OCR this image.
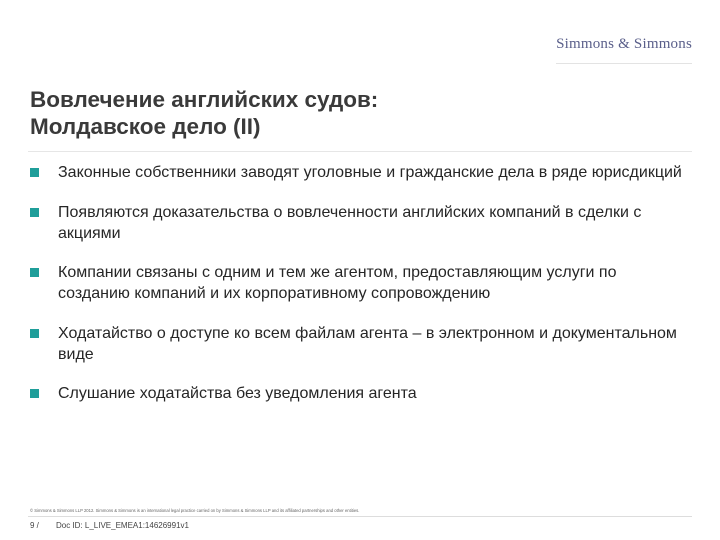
Simmons & Simmons
Вовлечение английских судов:
Молдавское дело (II)
Законные собственники заводят уголовные и гражданские дела в ряде юрисдикций
Появляются доказательства о вовлеченности английских компаний в сделки с акциями
Компании связаны с одним и тем же агентом, предоставляющим услуги по созданию компаний и их корпоративному сопровождению
Ходатайство о доступе ко всем файлам агента – в электронном и документальном виде
Слушание ходатайства без уведомления агента
© Simmons & Simmons LLP 2012. Simmons & Simmons is an international legal practice carried on by Simmons & Simmons LLP and its affiliated partnerships and other entities.
9 / Doc ID: L_LIVE_EMEA1:14626991v1
